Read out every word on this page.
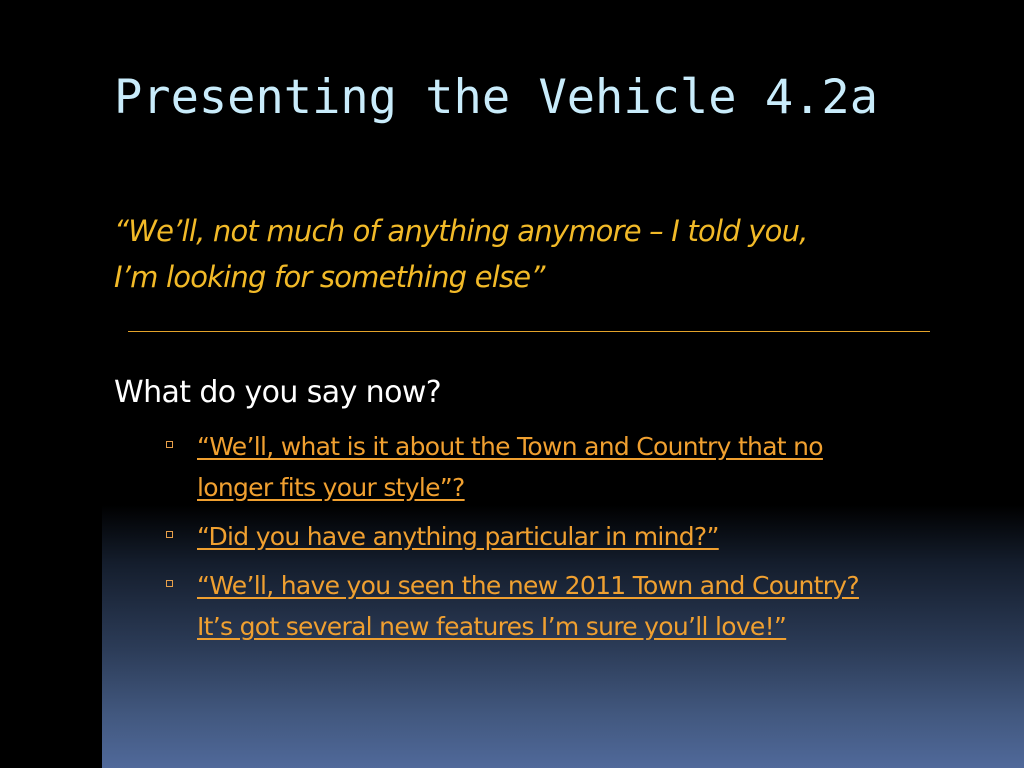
Presenting the Vehicle 4.2a

“We’ll, not much of anything anymore – I told you,
I’m looking for something else”

What do you say now?

“We’ll, what is it about the Town and Country that no
longer fits your style”?
“Did you have anything particular in mind?”
“We’ll, have you seen the new 2011 Town and Country?
It’s got several new features I’m sure you’ll love!”
